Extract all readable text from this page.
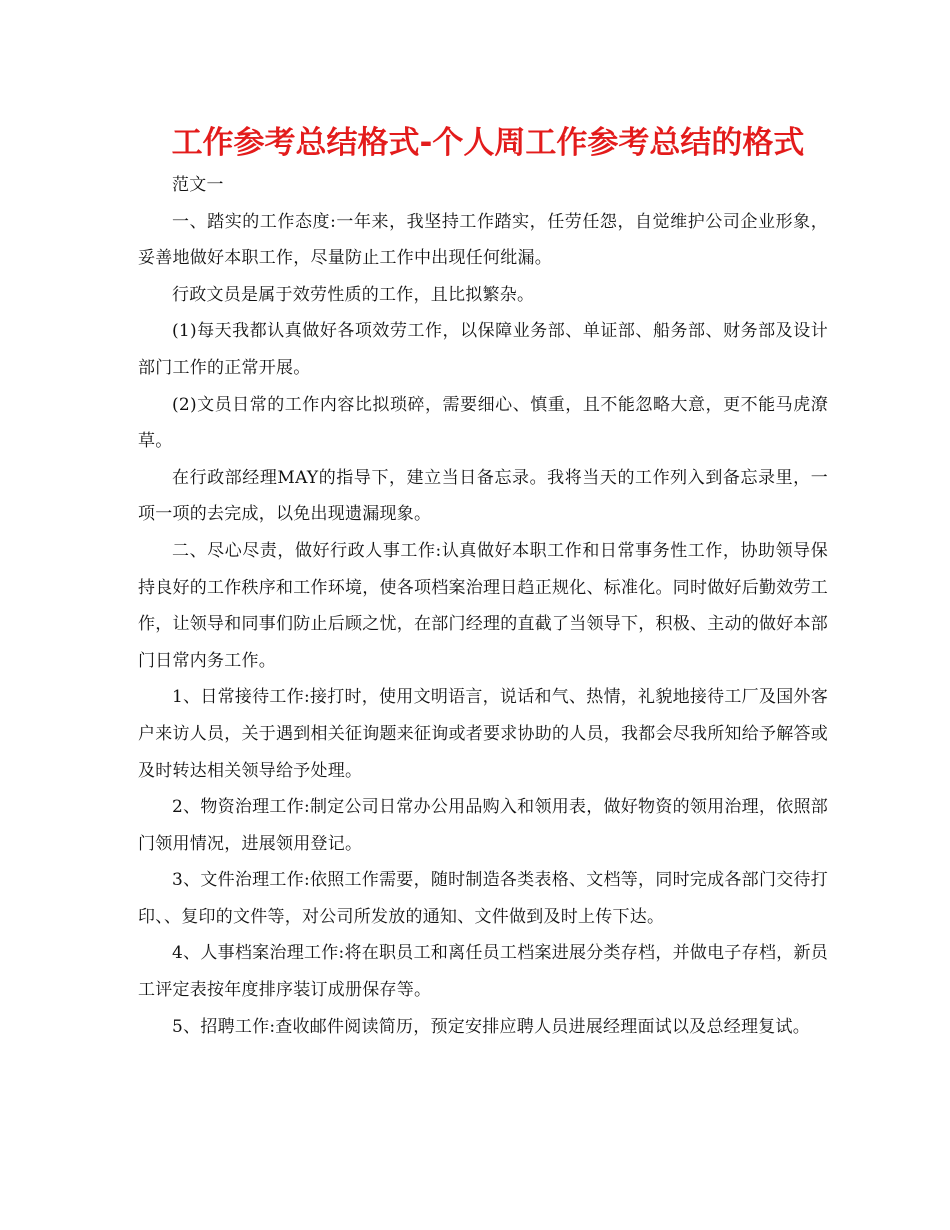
工作参考总结格式-个人周工作参考总结的格式

范文一

一、踏实的工作态度:一年来，我坚持工作踏实，任劳任怨，自觉维护公司企业形象，妥善地做好本职工作，尽量防止工作中出现任何纰漏。

行政文员是属于效劳性质的工作，且比拟繁杂。

(1)每天我都认真做好各项效劳工作，以保障业务部、单证部、船务部、财务部及设计部门工作的正常开展。

(2)文员日常的工作内容比拟琐碎，需要细心、慎重，且不能忽略大意，更不能马虎潦草。

在行政部经理MAY的指导下，建立当日备忘录。我将当天的工作列入到备忘录里，一项一项的去完成，以免出现遗漏现象。

二、尽心尽责，做好行政人事工作:认真做好本职工作和日常事务性工作，协助领导保持良好的工作秩序和工作环境，使各项档案治理日趋正规化、标准化。同时做好后勤效劳工作，让领导和同事们防止后顾之忧，在部门经理的直截了当领导下，积极、主动的做好本部门日常内务工作。

1、日常接待工作:接打时，使用文明语言，说话和气、热情，礼貌地接待工厂及国外客户来访人员，关于遇到相关征询题来征询或者要求协助的人员，我都会尽我所知给予解答或及时转达相关领导给予处理。

2、物资治理工作:制定公司日常办公用品购入和领用表，做好物资的领用治理，依照部门领用情况，进展领用登记。

3、文件治理工作:依照工作需要，随时制造各类表格、文档等，同时完成各部门交待打印、、复印的文件等，对公司所发放的通知、文件做到及时上传下达。

4、人事档案治理工作:将在职员工和离任员工档案进展分类存档，并做电子存档，新员工评定表按年度排序装订成册保存等。

5、招聘工作:查收邮件阅读简历，预定安排应聘人员进展经理面试以及总经理复试。
